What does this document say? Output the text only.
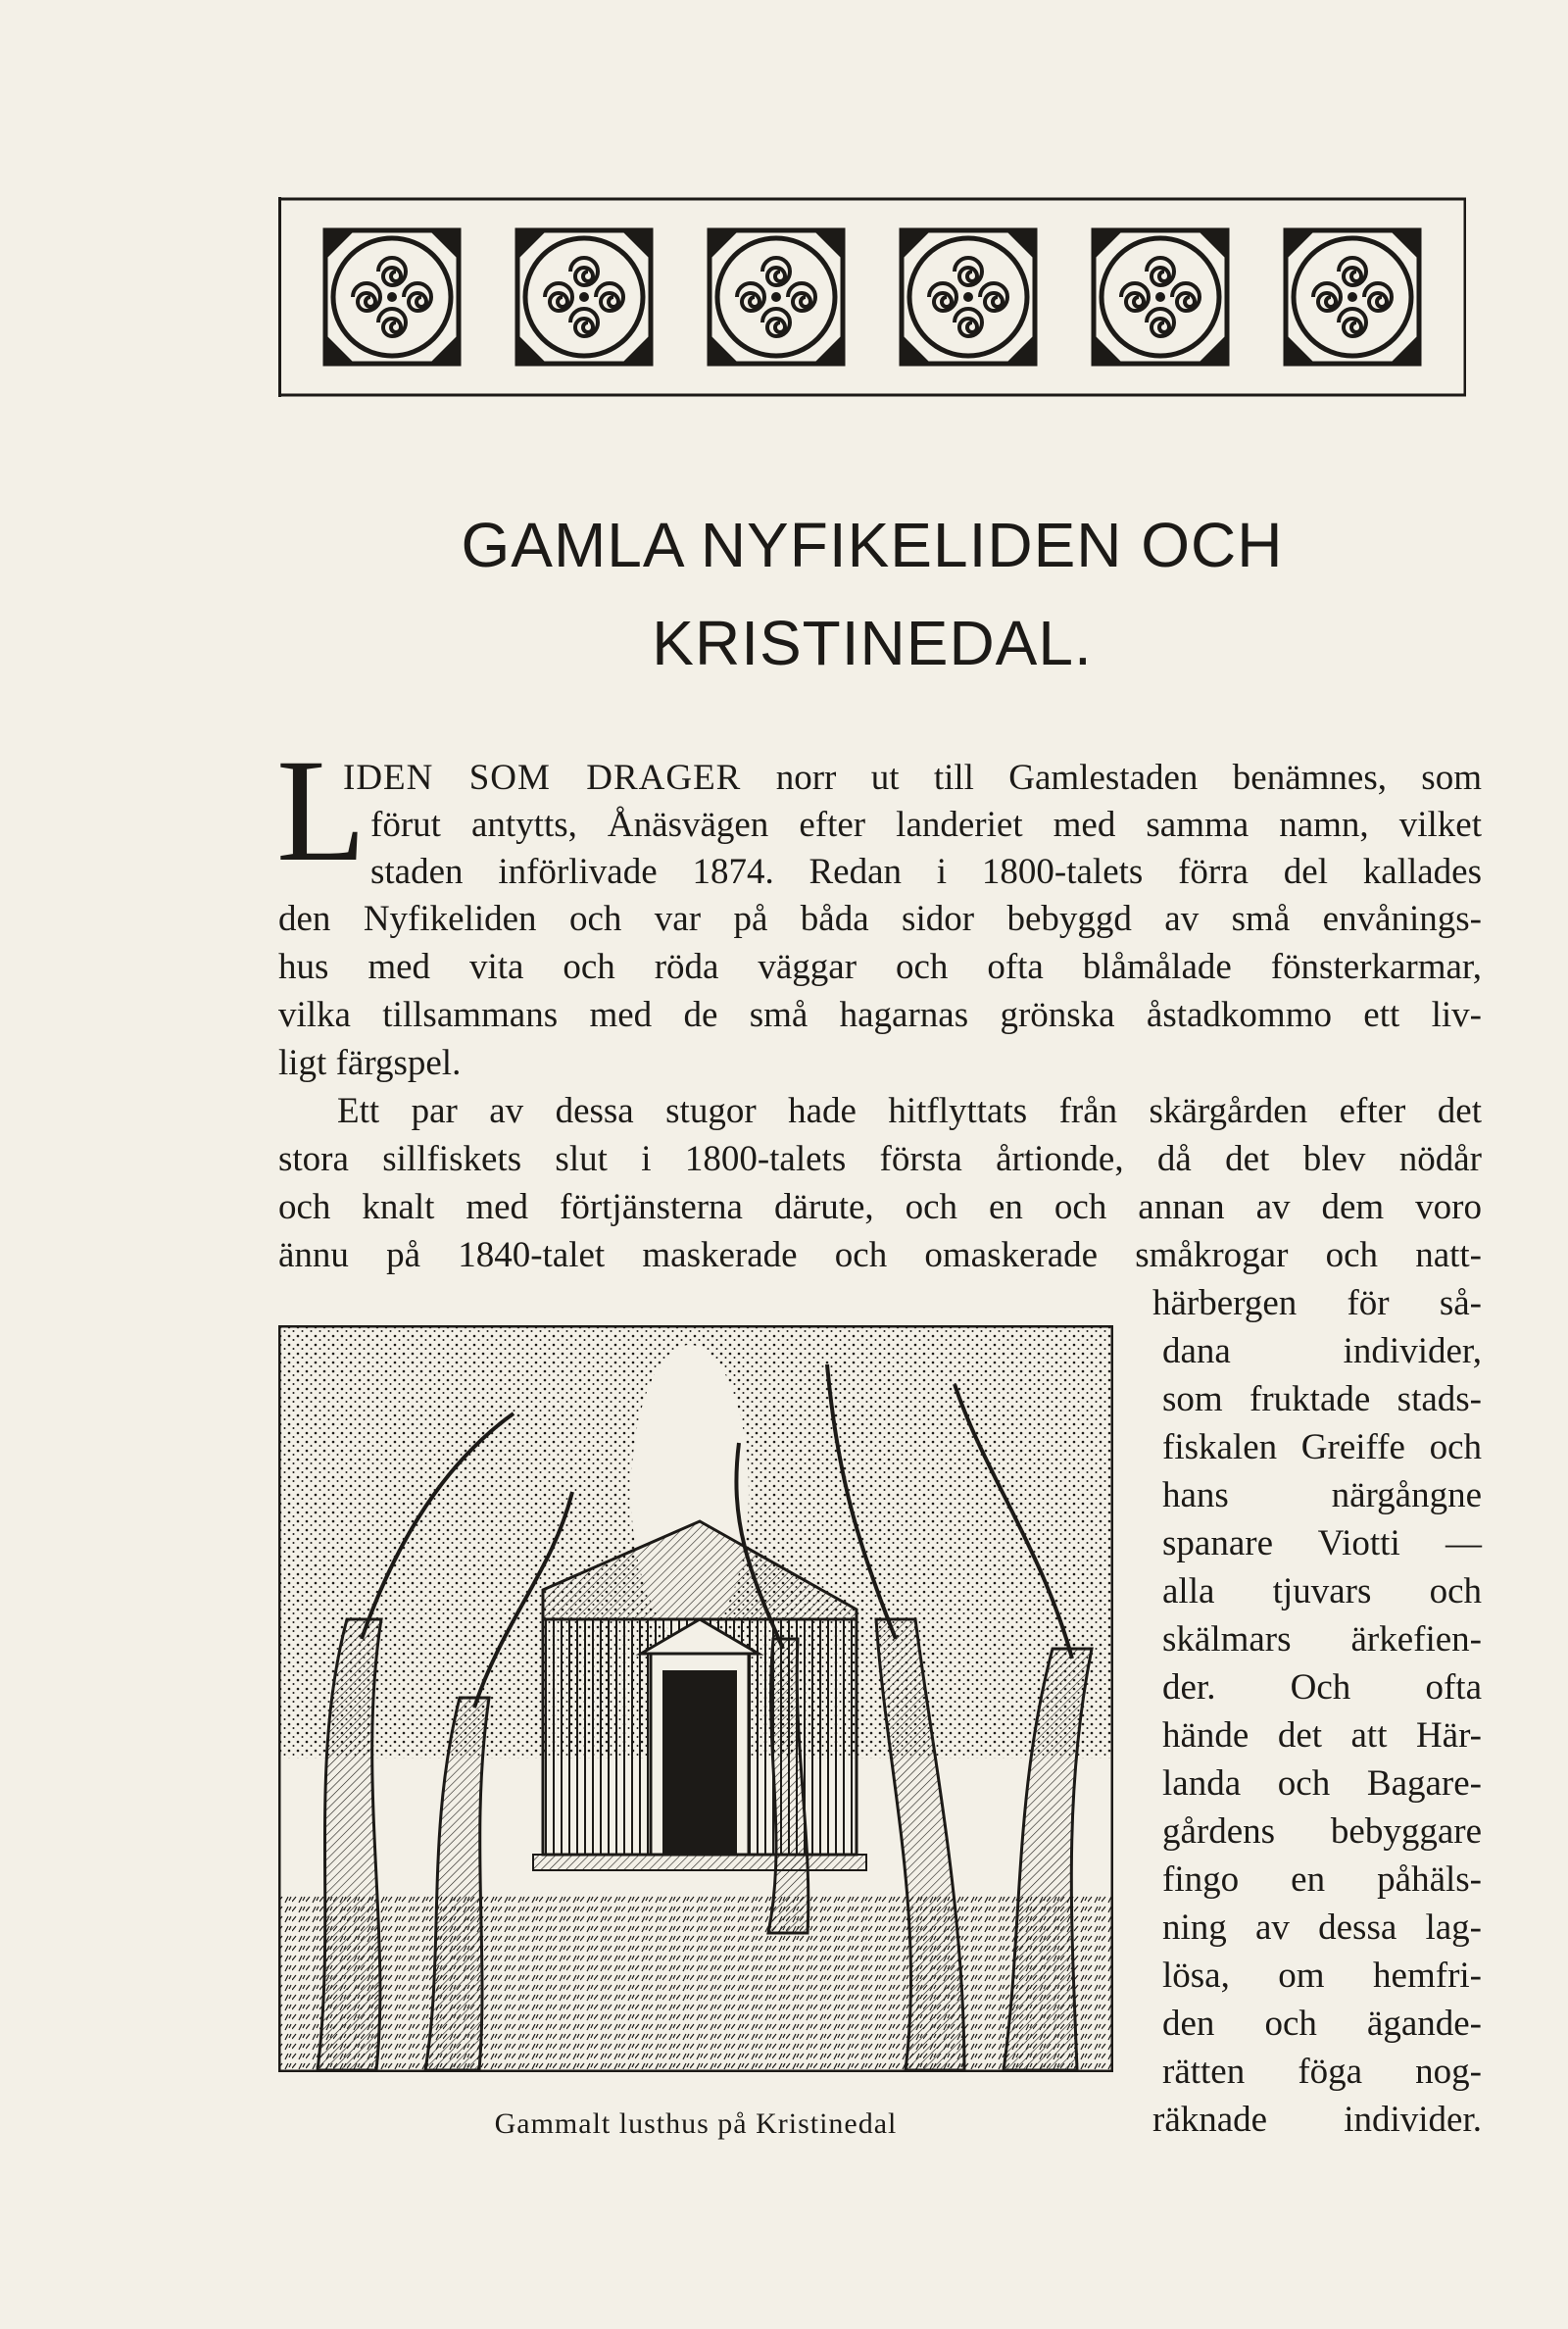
GAMLA NYFIKELIDEN OCH
KRISTINEDAL.
L
IDEN SOM DRAGER norr ut till Gamlestaden benämnes, som
förut antytts, Ånäsvägen efter landeriet med samma namn, vilket
staden införlivade 1874. Redan i 1800-talets förra del kallades
den Nyfikeliden och var på båda sidor bebyggd av små envånings-
hus med vita och röda väggar och ofta blåmålade fönsterkarmar,
vilka tillsammans med de små hagarnas grönska åstadkommo ett liv-
ligt färgspel.
Ett par av dessa stugor hade hitflyttats från skärgården efter det
stora sillfiskets slut i 1800-talets första årtionde, då det blev nödår
och knalt med förtjänsterna därute, och en och annan av dem voro
ännu på 1840-talet maskerade och omaskerade småkrogar och natt-
härbergen för så-
dana individer,
som fruktade stads-
fiskalen Greiffe och
hans närgångne
spanare Viotti —
alla tjuvars och
skälmars ärkefien-
der. Och ofta
hände det att Här-
landa och Bagare-
gårdens bebyggare
fingo en påhäls-
ning av dessa lag-
lösa, om hemfri-
den och ägande-
rätten föga nog-
räknade individer.

Gammalt lusthus på Kristinedal
